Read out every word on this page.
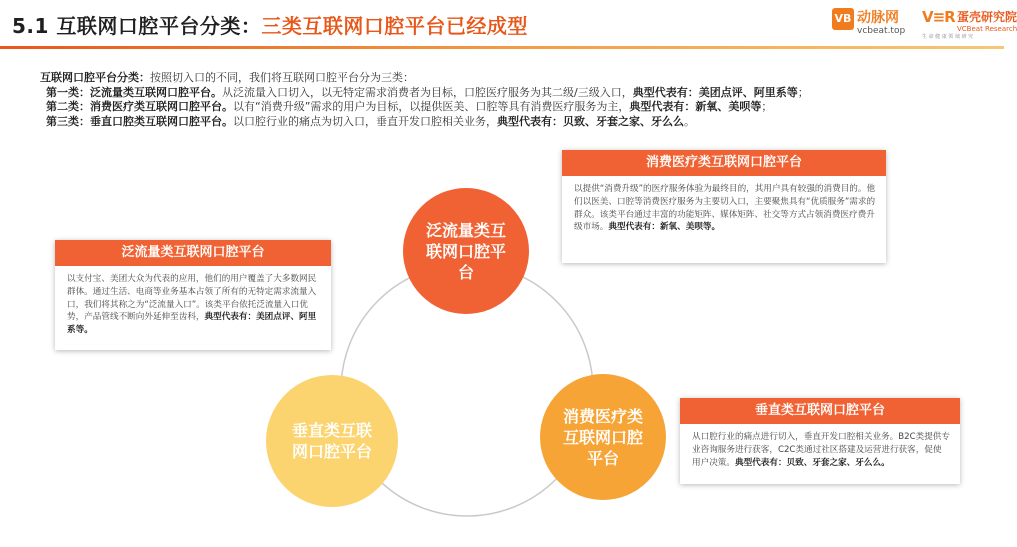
5.1 互联网口腔平台分类：三类互联网口腔平台已经成型	VB 动脉网
vcbeat.top
V≡R 蛋壳研究院
VCBeat Research
生 命 健 康 领 域 研 究
互联网口腔平台分类：按照切入口的不同，我们将互联网口腔平台分为三类：
第一类：泛流量类互联网口腔平台。从泛流量入口切入，以无特定需求消费者为目标，口腔医疗服务为其二级/三级入口，典型代表有：美团点评、阿里系等；
第二类：消费医疗类互联网口腔平台。以有“消费升级”需求的用户为目标，以提供医美、口腔等具有消费医疗服务为主，典型代表有：新氧、美呗等；
第三类：垂直口腔类互联网口腔平台。以口腔行业的痛点为切入口，垂直开发口腔相关业务，典型代表有：贝致、牙套之家、牙么么。
泛流量类互联网口腔平台
垂直类互联网口腔平台
消费医疗类互联网口腔平台
泛流量类互联网口腔平台
以支付宝、美团大众为代表的应用，他们的用户覆盖了大多数网民群体。通过生活、电商等业务基本占领了所有的无特定需求流量入口，我们将其称之为“泛流量入口”。该类平台依托泛流量入口优势，产品管线不断向外延伸至齿科，典型代表有：美团点评、阿里系等。
消费医疗类互联网口腔平台
以提供“消费升级”的医疗服务体验为最终目的，其用户具有较强的消费目的。他们以医美、口腔等消费医疗服务为主要切入口，主要聚焦具有“优质服务”需求的群众。该类平台通过丰富的功能矩阵、媒体矩阵、社交等方式占领消费医疗费升级市场。典型代表有：新氧、美呗等。
垂直类互联网口腔平台
从口腔行业的痛点进行切入，垂直开发口腔相关业务。B2C类提供专业咨询服务进行获客，C2C类通过社区搭建及运营进行获客，促使用户决策。典型代表有：贝致、牙套之家、牙么么。
